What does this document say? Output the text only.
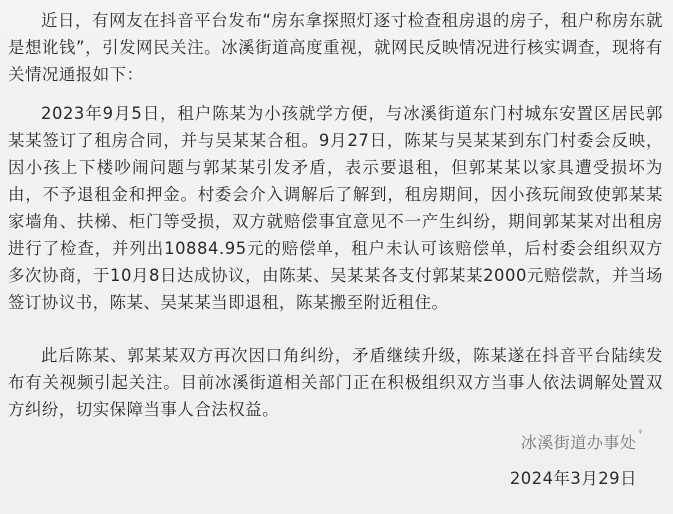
近日，有网友在抖音平台发布“房东拿探照灯逐寸检查租房退的房子，租户称房东就是想讹钱”，引发网民关注。冰溪街道高度重视，就网民反映情况进行核实调查，现将有关情况通报如下：

2023年9月5日，租户陈某为小孩就学方便，与冰溪街道东门村城东安置区居民郭某某签订了租房合同，并与吴某某合租。9月27日，陈某与吴某某到东门村委会反映，因小孩上下楼吵闹问题与郭某某引发矛盾，表示要退租，但郭某某以家具遭受损坏为由，不予退租金和押金。村委会介入调解后了解到，租房期间，因小孩玩闹致使郭某某家墙角、扶梯、柜门等受损，双方就赔偿事宜意见不一产生纠纷，期间郭某某对出租房进行了检查，并列出10884.95元的赔偿单，租户未认可该赔偿单，后村委会组织双方多次协商，于10月8日达成协议，由陈某、吴某某各支付郭某某2000元赔偿款，并当场签订协议书，陈某、吴某某当即退租，陈某搬至附近租住。

此后陈某、郭某某双方再次因口角纠纷，矛盾继续升级，陈某遂在抖音平台陆续发布有关视频引起关注。目前冰溪街道相关部门正在积极组织双方当事人依法调解处置双方纠纷，切实保障当事人合法权益。

冰溪街道办事处 ᵠ
2024年3月29日
